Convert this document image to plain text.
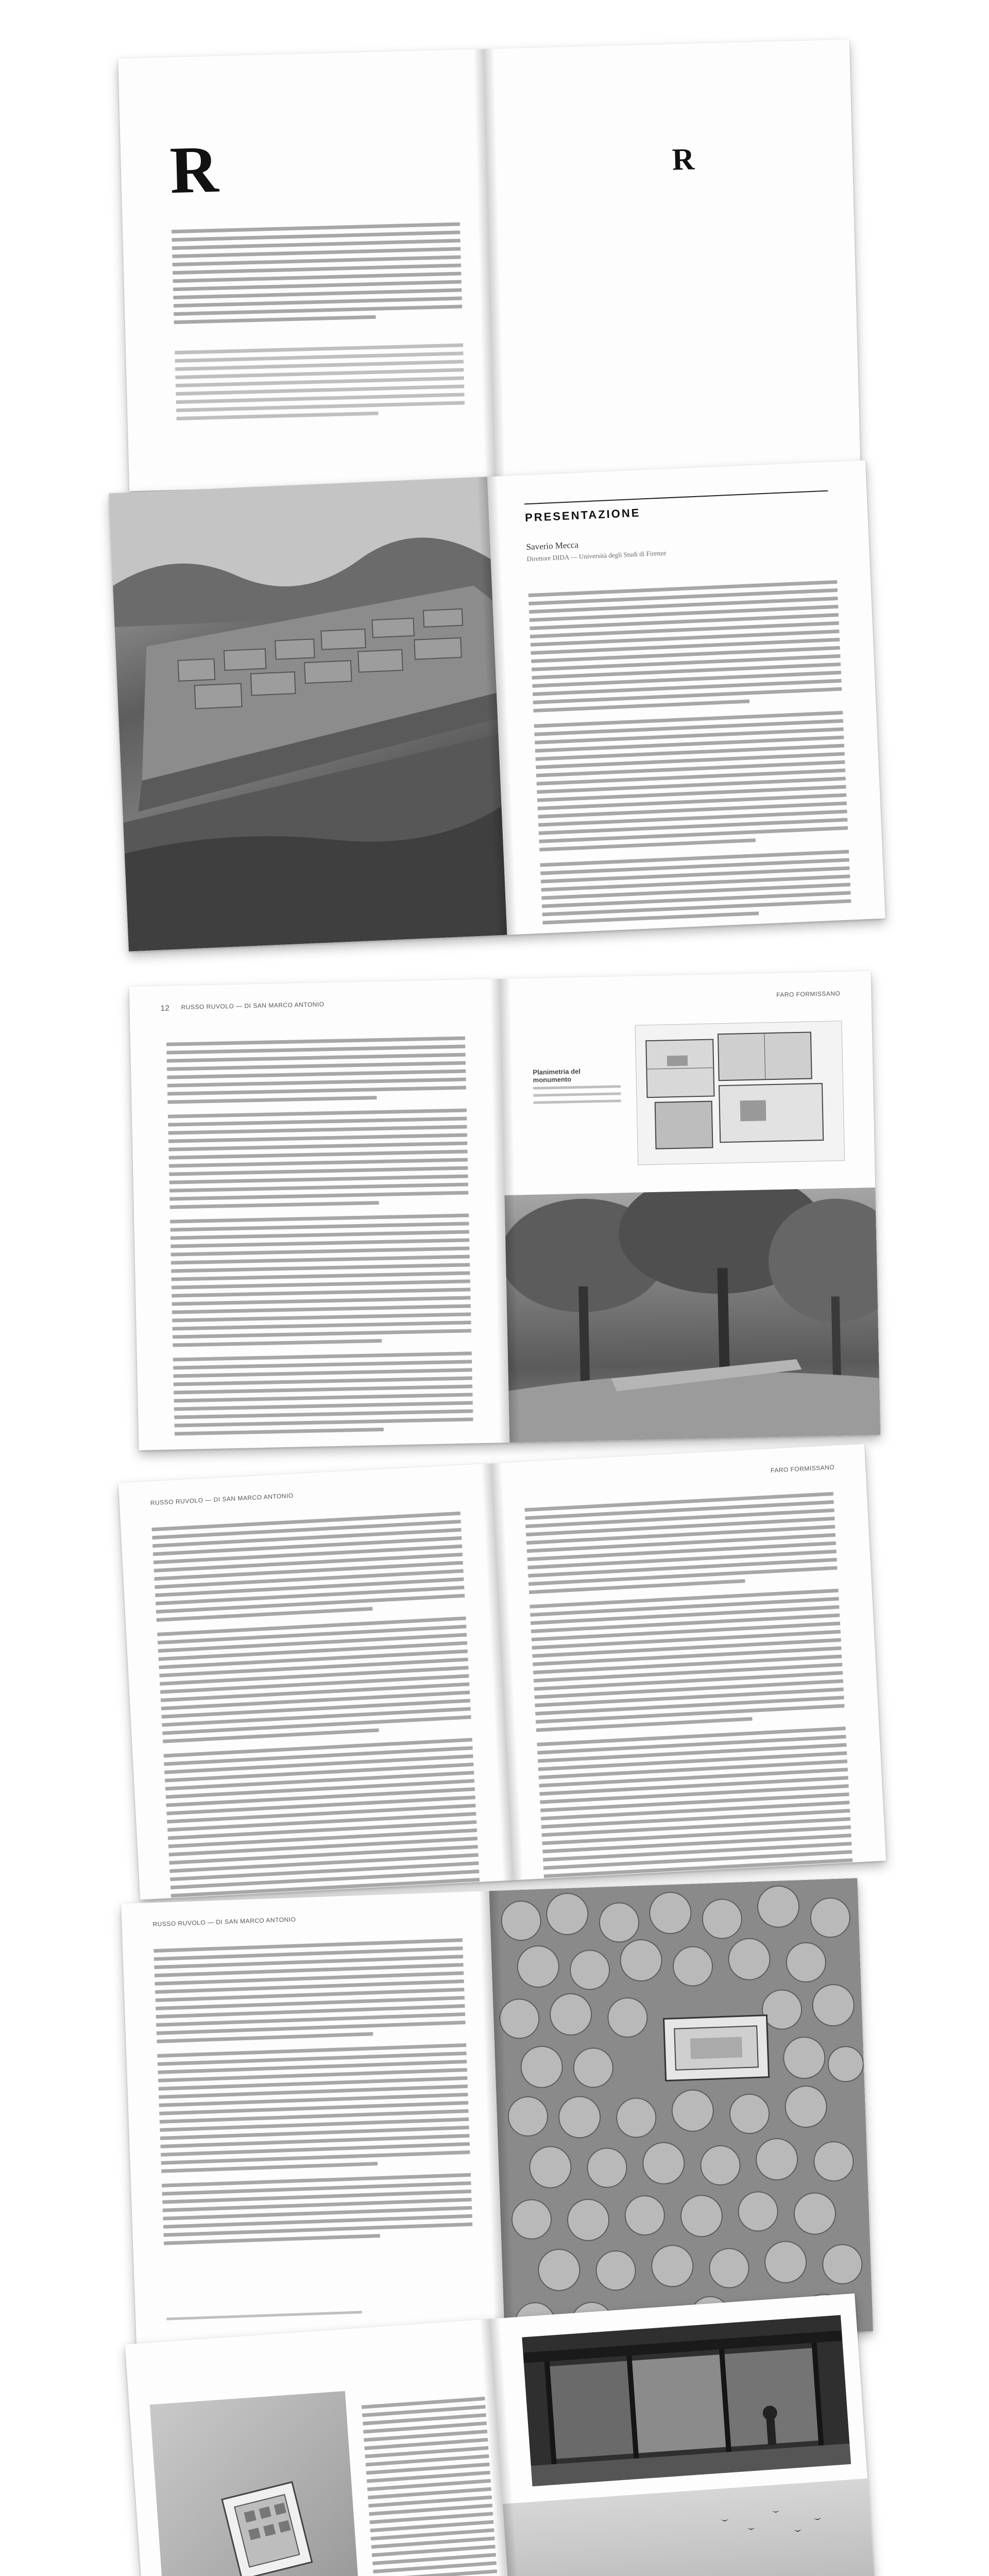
R	R
PRESENTAZIONE
Saverio Mecca
Direttore DIDA — Università degli Studi di Firenze
12 RUSSO RUVOLO — DI SAN MARCO ANTONIO
FARO FORMISSANO
Planimetria del monumento
RUSSO RUVOLO — DI SAN MARCO ANTONIO
FARO FORMISSANO
RUSSO RUVOLO — DI SAN MARCO ANTONIO
